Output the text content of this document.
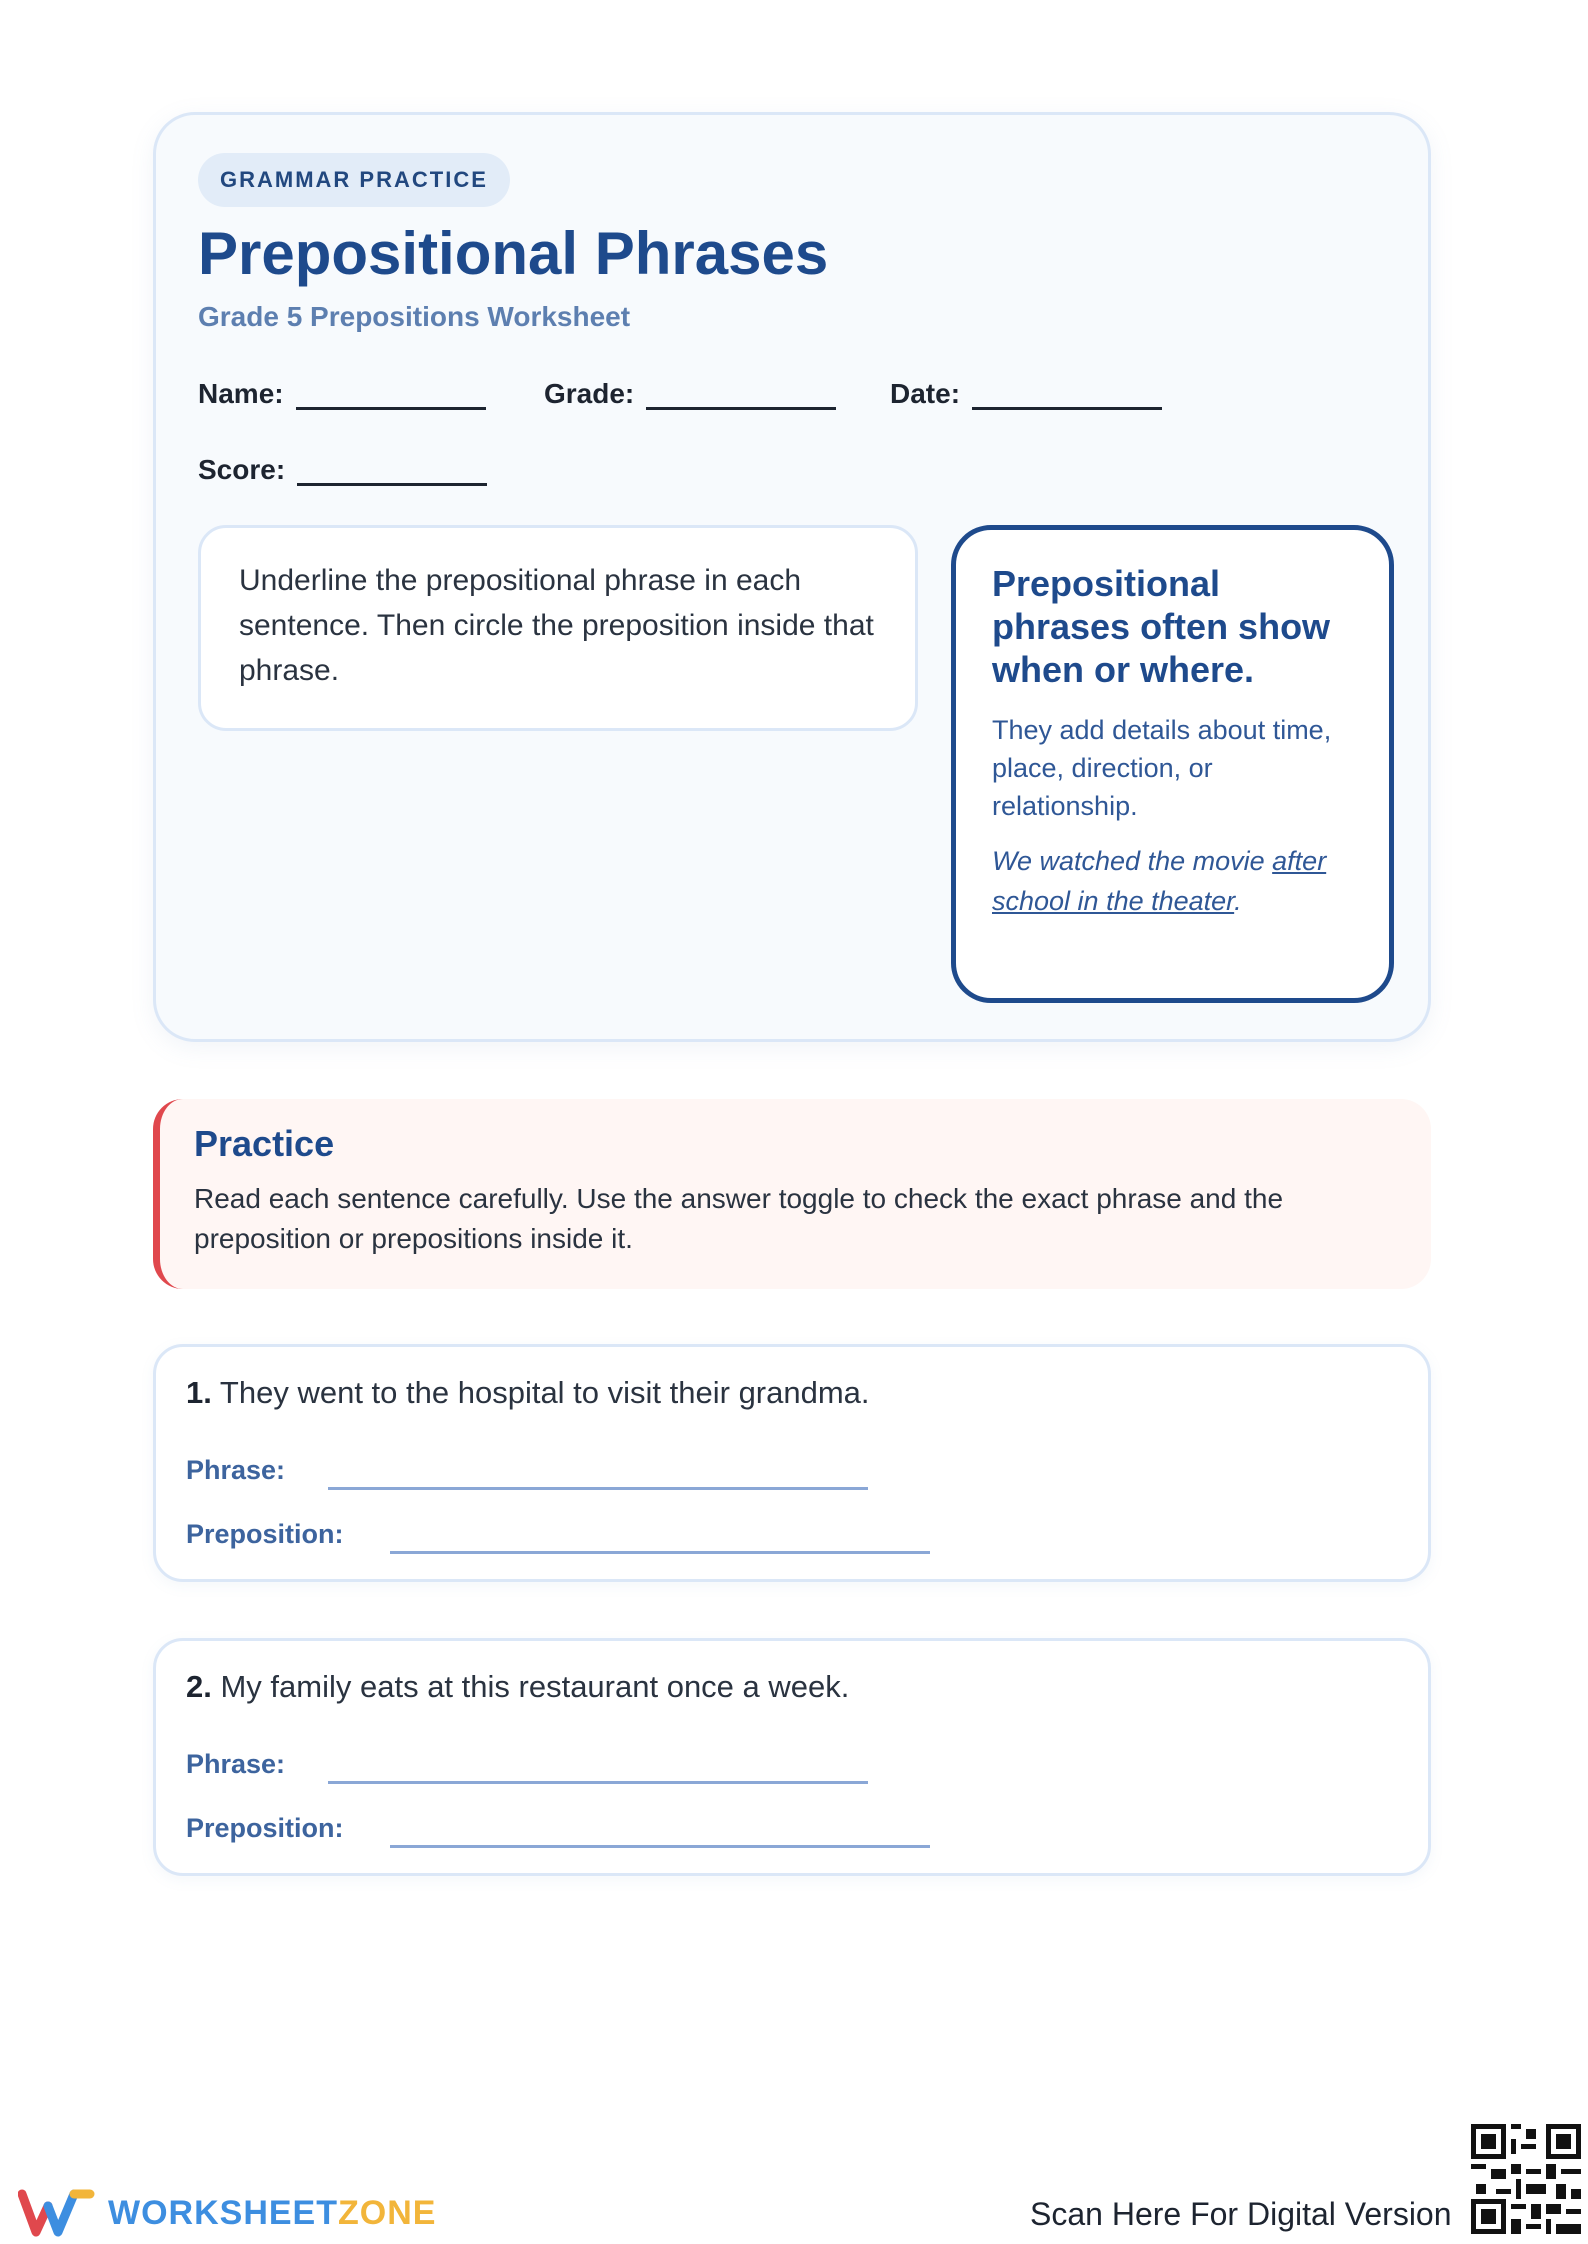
GRAMMAR PRACTICE
Prepositional Phrases
Grade 5 Prepositions Worksheet
Name:	Grade:	Date:
Score:
Underline the prepositional phrase in each sentence. Then circle the preposition inside that phrase.
Prepositional phrases often show when or where.
They add details about time, place, direction, or relationship.
We watched the movie after school in the theater.
Practice
Read each sentence carefully. Use the answer toggle to check the exact phrase and the preposition or prepositions inside it.
1. They went to the hospital to visit their grandma.
Phrase:
Preposition:
2. My family eats at this restaurant once a week.
Phrase:
Preposition:
WORKSHEETZONE	Scan Here For Digital Version
